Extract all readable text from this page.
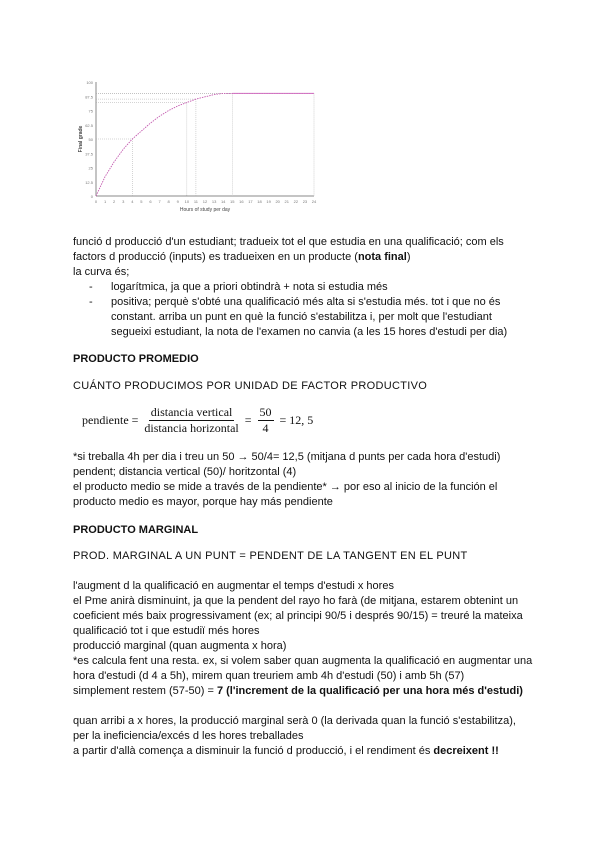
0
12.5
25
37.5
50
62.5
75
87.5
100
0 1 2 3 4 5 6 7 8 9 10 11 12 13 14 15 16 17 18 19 20 21 22 23 24
Hours of study per day
Final grade

funció d producció d'un estudiant; tradueix tot el que estudia en una qualificació; com els

factors d producció (inputs) es tradueixen en un producte (nota final)

la curva és;

- logarítmica, ja que a priori obtindrà + nota si estudia més
- positiva; perquè s'obté una qualificació més alta si s'estudia més. tot i que no és constant. arriba un punt en què la funció s'estabilitza i, per molt que l'estudiant segueixi estudiant, la nota de l'examen no canvia (a les 15 hores d'estudi per dia)
PRODUCTO PROMEDIO

CUÁNTO PRODUCIMOS POR UNIDAD DE FACTOR PRODUCTIVO

pendiente = $\frac{\text{distancia vertical}}{\text{distancia horizontal}} = \frac{50}{4} = 12$, 5

*si treballa 4h per dia i treu un 50 → 50/4= 12,5 (mitjana d punts per cada hora d'estudi)

pendent; distancia vertical (50)/ horitzontal (4)

el producto medio se mide a través de la pendiente* → por eso al inicio de la función el producto medio es mayor, porque hay más pendiente

PRODUCTO MARGINAL

PROD. MARGINAL A UN PUNT = PENDENT DE LA TANGENT EN EL PUNT

l'augment d la qualificació en augmentar el temps d'estudi x hores

el Pme anirà disminuint, ja que la pendent del rayo ho farà (de mitjana, estarem obtenint un coeficient més baix progressivament (ex; al principi 90/5 i després 90/15) = treuré la mateixa qualificació tot i que estudiï més hores

producció marginal (quan augmenta x hora)

*es calcula fent una resta. ex, si volem saber quan augmenta la qualificació en augmentar una hora d'estudi (d 4 a 5h), mirem quan treuriem amb 4h d'estudi (50) i amb 5h (57)

simplement restem (57-50) = 7 (l'increment de la qualificació per una hora més d'estudi)

quan arribi a x hores, la producció marginal serà 0 (la derivada quan la funció s'estabilitza), per la ineficiencia/excés d les hores treballades

a partir d'allà comença a disminuir la funció d producció, i el rendiment és decreixent !!
